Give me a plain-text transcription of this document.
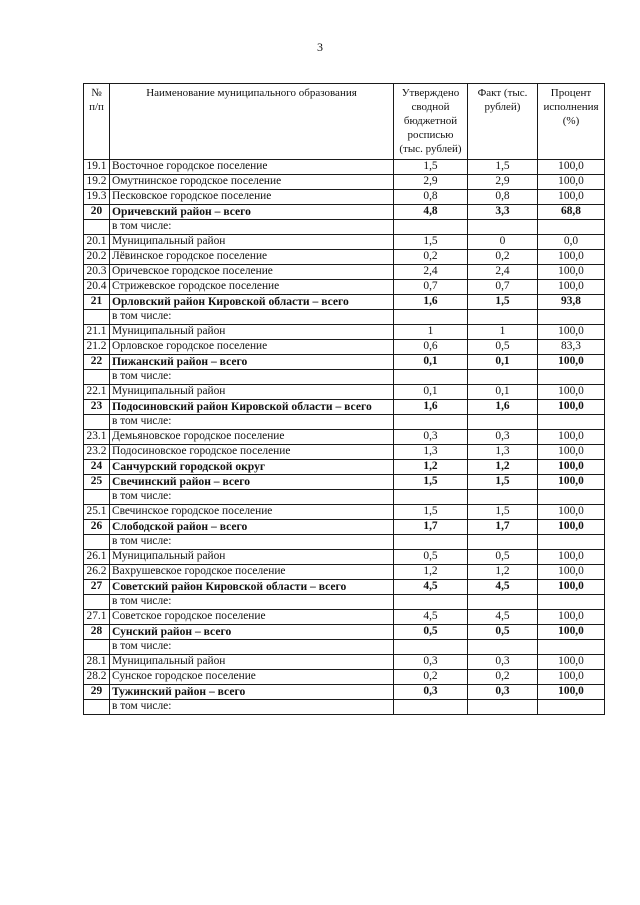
3
№ п/п	Наименование муниципального образования	Утверждено сводной бюджетной росписью (тыс. рублей)	Факт (тыс. рублей)	Процент исполнения (%)
19.1	Восточное городское поселение	1,5	1,5	100,0
19.2	Омутнинское городское поселение	2,9	2,9	100,0
19.3	Песковское городское поселение	0,8	0,8	100,0
20	Оричевский район – всего	4,8	3,3	68,8
	в том числе:			
20.1	Муниципальный район	1,5	0	0,0
20.2	Лёвинское городское поселение	0,2	0,2	100,0
20.3	Оричевское городское поселение	2,4	2,4	100,0
20.4	Стрижевское городское поселение	0,7	0,7	100,0
21	Орловский район Кировской области – всего	1,6	1,5	93,8
	в том числе:			
21.1	Муниципальный район	1	1	100,0
21.2	Орловское городское поселение	0,6	0,5	83,3
22	Пижанский район – всего	0,1	0,1	100,0
	в том числе:			
22.1	Муниципальный район	0,1	0,1	100,0
23	Подосиновский район Кировской области – всего	1,6	1,6	100,0
	в том числе:			
23.1	Демьяновское городское поселение	0,3	0,3	100,0
23.2	Подосиновское городское поселение	1,3	1,3	100,0
24	Санчурский городской округ	1,2	1,2	100,0
25	Свечинский район – всего	1,5	1,5	100,0
	в том числе:			
25.1	Свечинское городское поселение	1,5	1,5	100,0
26	Слободской район – всего	1,7	1,7	100,0
	в том числе:			
26.1	Муниципальный район	0,5	0,5	100,0
26.2	Вахрушевское городское поселение	1,2	1,2	100,0
27	Советский район Кировской области – всего	4,5	4,5	100,0
	в том числе:			
27.1	Советское городское поселение	4,5	4,5	100,0
28	Сунский район – всего	0,5	0,5	100,0
	в том числе:			
28.1	Муниципальный район	0,3	0,3	100,0
28.2	Сунское городское поселение	0,2	0,2	100,0
29	Тужинский район – всего	0,3	0,3	100,0
	в том числе:			
